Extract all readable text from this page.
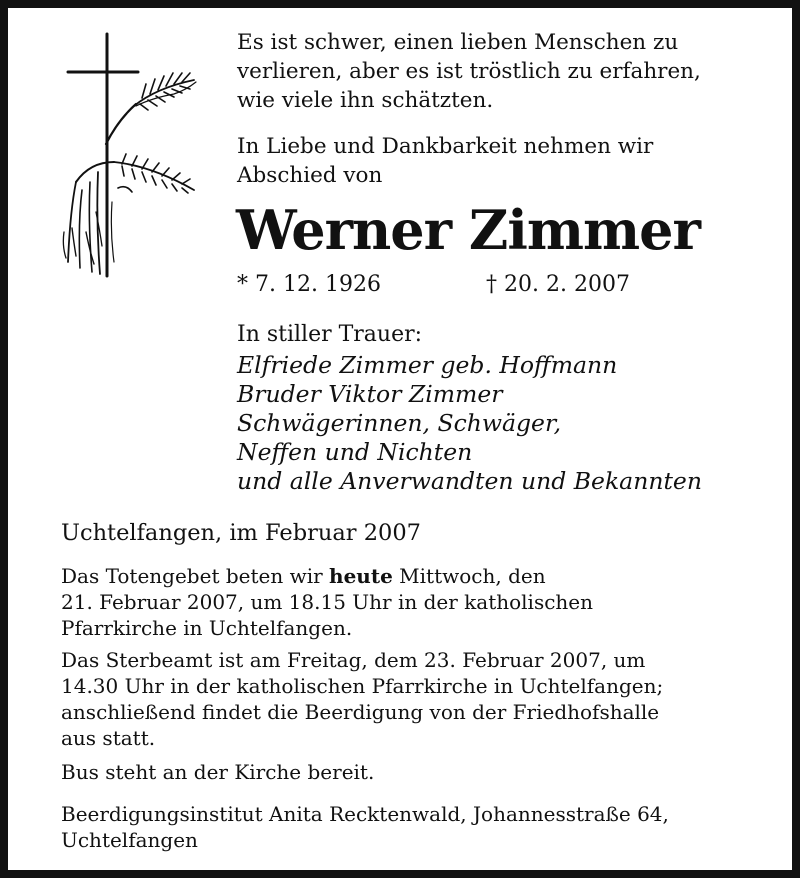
Es ist schwer, einen lieben Menschen zu
verlieren, aber es ist tröstlich zu erfahren,
wie viele ihn schätzten.
In Liebe und Dankbarkeit nehmen wir
Abschied von
Werner Zimmer
* 7. 12. 1926	† 20. 2. 2007
In stiller Trauer:
Elfriede Zimmer geb. Hoffmann
Bruder Viktor Zimmer
Schwägerinnen, Schwäger,
Neffen und Nichten
und alle Anverwandten und Bekannten
Uchtelfangen, im Februar 2007
Das Totengebet beten wir heute Mittwoch, den
21. Februar 2007, um 18.15 Uhr in der katholischen
Pfarrkirche in Uchtelfangen.
Das Sterbeamt ist am Freitag, dem 23. Februar 2007, um
14.30 Uhr in der katholischen Pfarrkirche in Uchtelfangen;
anschließend findet die Beerdigung von der Friedhofshalle
aus statt.
Bus steht an der Kirche bereit.
Beerdigungsinstitut Anita Recktenwald, Johannesstraße 64,
Uchtelfangen
